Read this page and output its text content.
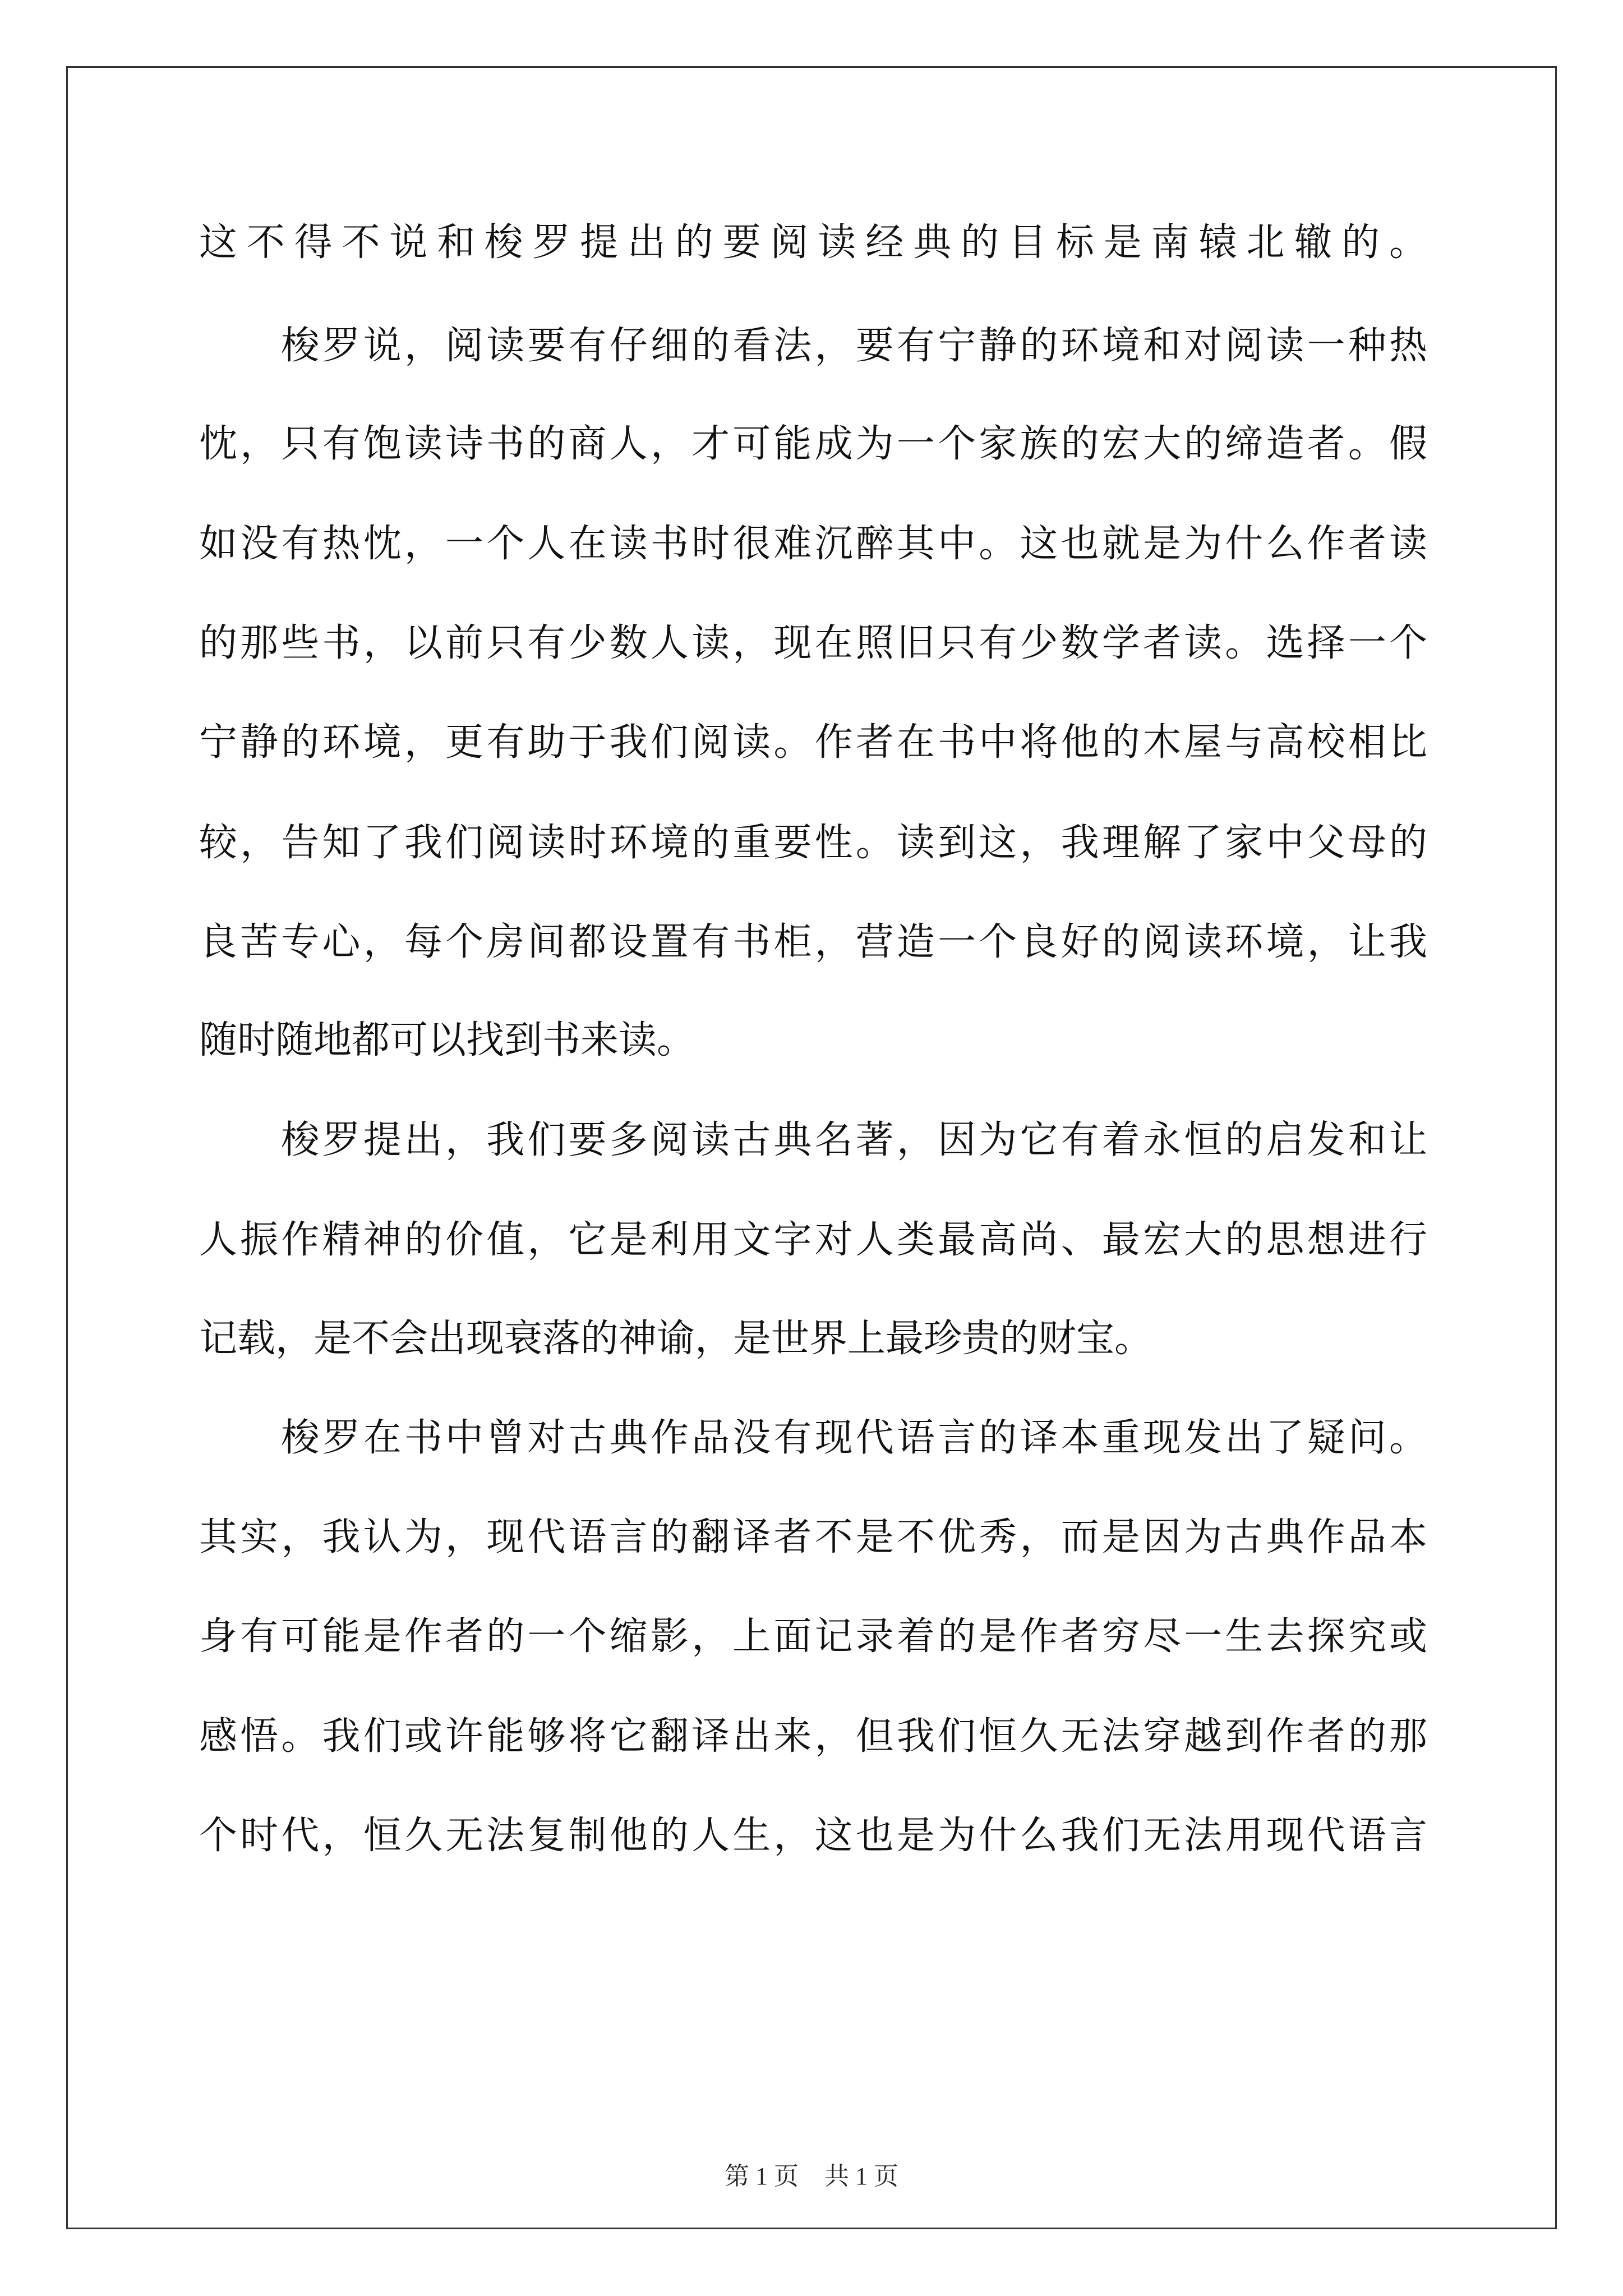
这不得不说和梭罗提出的要阅读经典的目标是南辕北辙的。
　　梭罗说，阅读要有仔细的看法，要有宁静的环境和对阅读一种热
忱，只有饱读诗书的商人，才可能成为一个家族的宏大的缔造者。假
如没有热忱，一个人在读书时很难沉醉其中。这也就是为什么作者读
的那些书，以前只有少数人读，现在照旧只有少数学者读。选择一个
宁静的环境，更有助于我们阅读。作者在书中将他的木屋与高校相比
较，告知了我们阅读时环境的重要性。读到这，我理解了家中父母的
良苦专心，每个房间都设置有书柜，营造一个良好的阅读环境，让我
随时随地都可以找到书来读。
　　梭罗提出，我们要多阅读古典名著，因为它有着永恒的启发和让
人振作精神的价值，它是利用文字对人类最高尚、最宏大的思想进行
记载，是不会出现衰落的神谕，是世界上最珍贵的财宝。
　　梭罗在书中曾对古典作品没有现代语言的译本重现发出了疑问。
其实，我认为，现代语言的翻译者不是不优秀，而是因为古典作品本
身有可能是作者的一个缩影，上面记录着的是作者穷尽一生去探究或
感悟。我们或许能够将它翻译出来，但我们恒久无法穿越到作者的那
个时代，恒久无法复制他的人生，这也是为什么我们无法用现代语言
第 1 页 共 1 页
